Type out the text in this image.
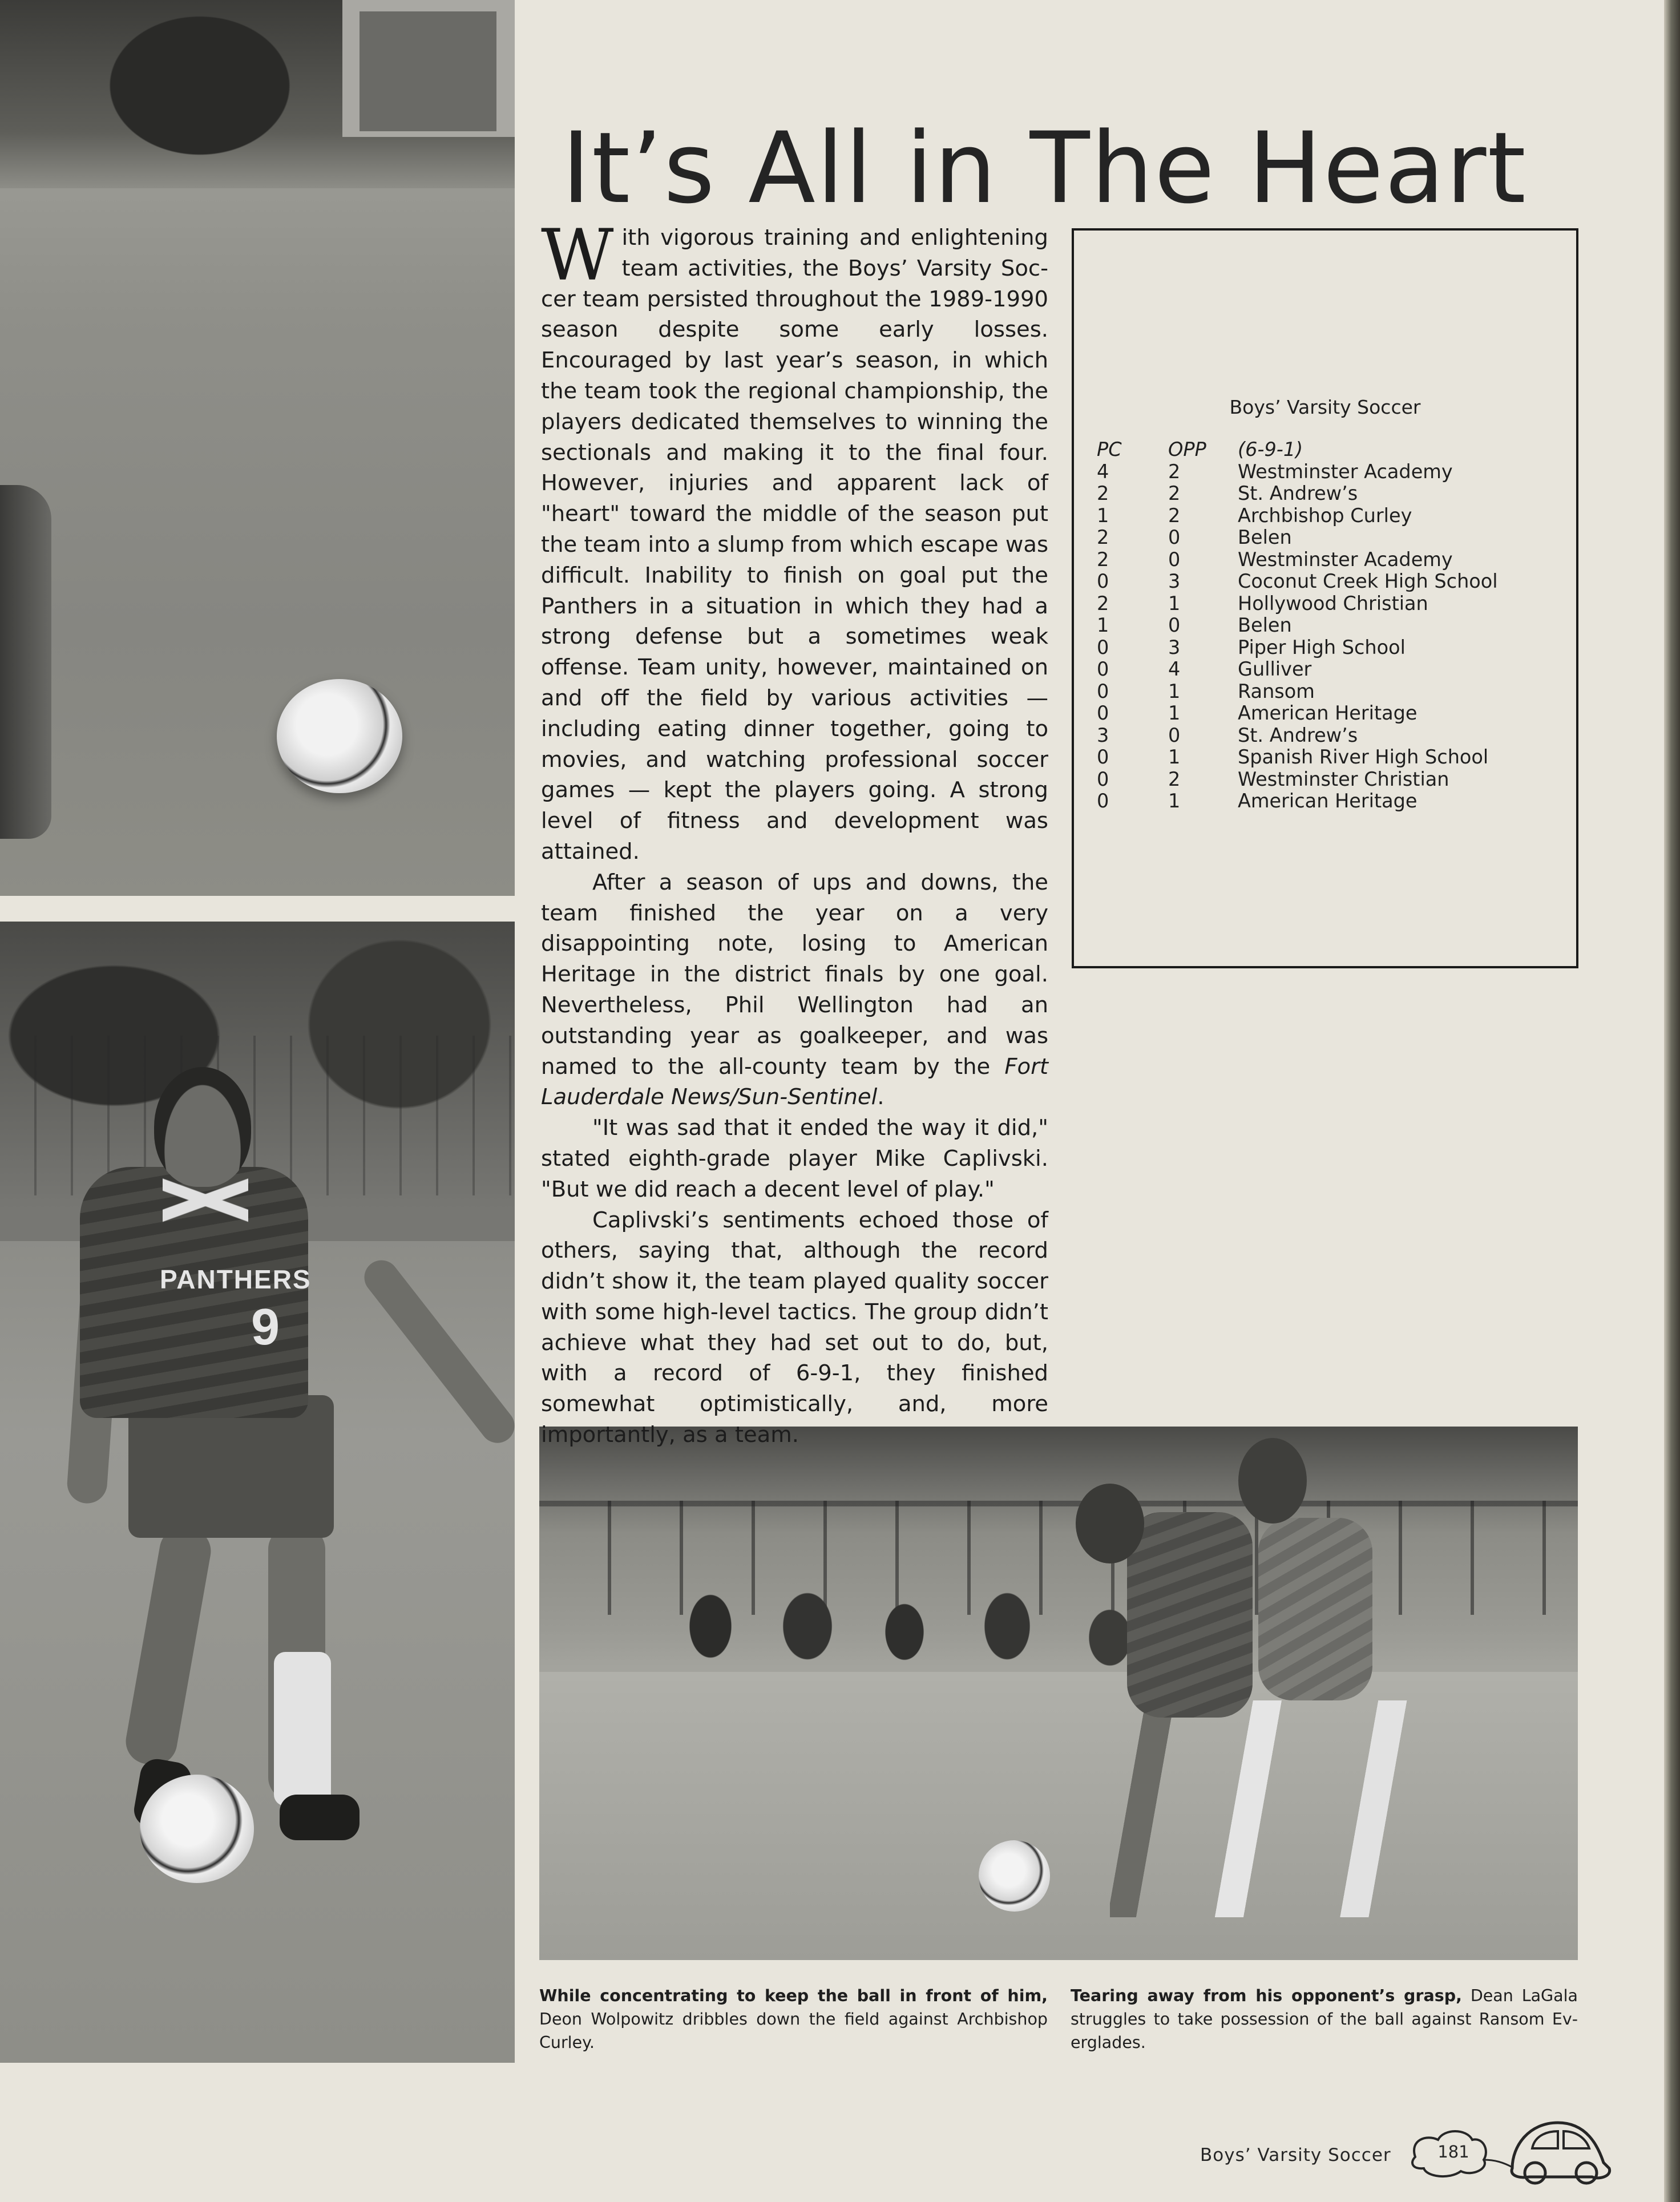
PANTHERS
9
It’s All in The Heart

With vigorous training and enlightening team activities, the Boys’ Varsity Soccer team persisted throughout the 1989-1990 season despite some early losses. Encouraged by last year’s season, in which the team took the regional championship, the players dedicated themselves to winning the sectionals and making it to the final four. However, injuries and apparent lack of "heart" toward the middle of the season put the team into a slump from which escape was difficult. Inability to finish on goal put the Panthers in a situation in which they had a strong defense but a sometimes weak offense. Team unity, however, maintained on and off the field by various activities — including eating dinner together, going to movies, and watching professional soccer games — kept the players going. A strong level of fitness and development was attained.

After a season of ups and downs, the team finished the year on a very disappointing note, losing to American Heritage in the district finals by one goal. Nevertheless, Phil Wellington had an outstanding year as goalkeeper, and was named to the all-county team by the Fort Lauderdale News/Sun-Sentinel.

"It was sad that it ended the way it did," stated eighth-grade player Mike Caplivski. "But we did reach a decent level of play."

Caplivski’s sentiments echoed those of others, saying that, although the record didn’t show it, the team played quality soccer with some high-level tactics. The group didn’t achieve what they had set out to do, but, with a record of 6-9-1, they finished somewhat optimistically, and, more importantly, as a team.

Boys’ Varsity Soccer
PC	OPP	(6-9-1)
4	2	Westminster Academy
2	2	St. Andrew’s
1	2	Archbishop Curley
2	0	Belen
2	0	Westminster Academy
0	3	Coconut Creek High School
2	1	Hollywood Christian
1	0	Belen
0	3	Piper High School
0	4	Gulliver
0	1	Ransom
0	1	American Heritage
3	0	St. Andrew’s
0	1	Spanish River High School
0	2	Westminster Christian
0	1	American Heritage
While concentrating to keep the ball in front of him, Deon Wolpowitz dribbles down the field against Archbishop Curley.
Tearing away from his opponent’s grasp, Dean LaGala struggles to take possession of the ball against Ransom Everglades.
Boys’ Varsity Soccer	181
